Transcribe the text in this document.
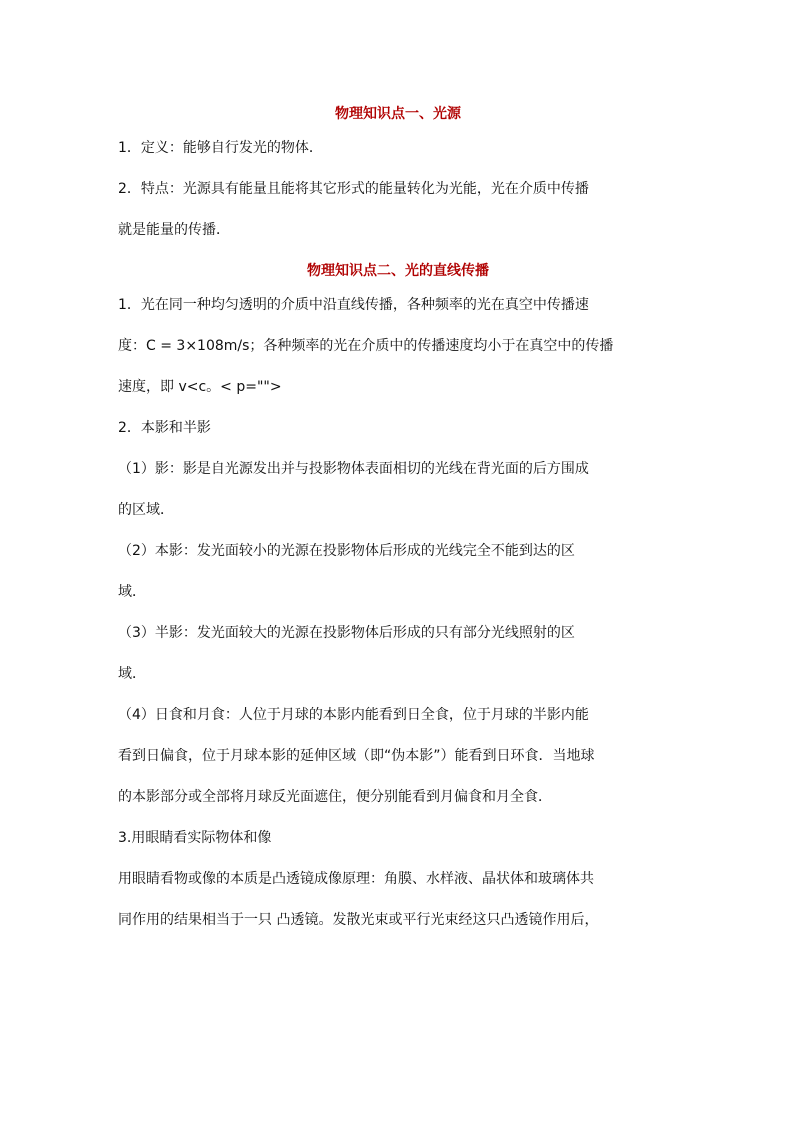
物理知识点一、光源
1．定义：能够自行发光的物体．
2．特点：光源具有能量且能将其它形式的能量转化为光能，光在介质中传播
就是能量的传播．
物理知识点二、光的直线传播
1．光在同一种均匀透明的介质中沿直线传播，各种频率的光在真空中传播速
度：C = 3×108m/s；各种频率的光在介质中的传播速度均小于在真空中的传播
速度，即 v<c。< p="">
2．本影和半影
（1）影：影是自光源发出并与投影物体表面相切的光线在背光面的后方围成
的区域．
（2）本影：发光面较小的光源在投影物体后形成的光线完全不能到达的区
域．
（3）半影：发光面较大的光源在投影物体后形成的只有部分光线照射的区
域．
（4）日食和月食：人位于月球的本影内能看到日全食，位于月球的半影内能
看到日偏食，位于月球本影的延伸区域（即“伪本影”）能看到日环食．当地球
的本影部分或全部将月球反光面遮住，便分别能看到月偏食和月全食．
3.用眼睛看实际物体和像
用眼睛看物或像的本质是凸透镜成像原理：角膜、水样液、晶状体和玻璃体共
同作用的结果相当于一只 凸透镜。发散光束或平行光束经这只凸透镜作用后，
